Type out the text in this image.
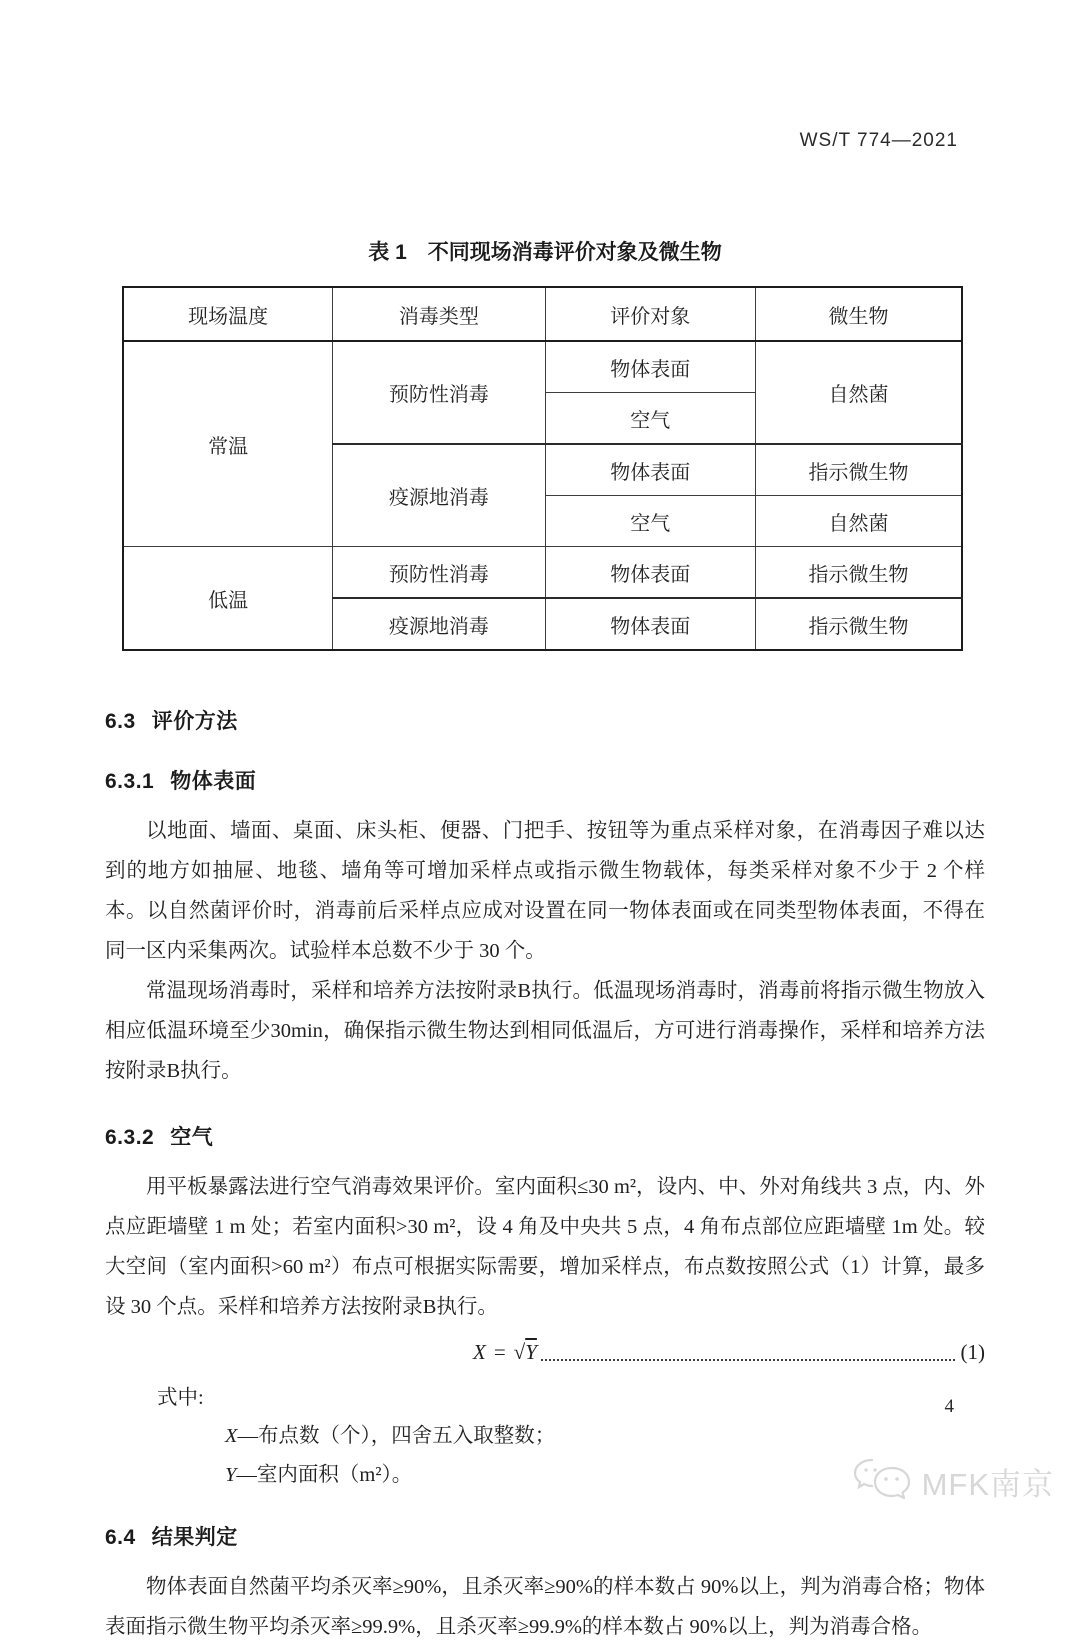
WS/T 774—2021
表 1　不同现场消毒评价对象及微生物
现场温度	消毒类型	评价对象	微生物
常温	预防性消毒	物体表面	自然菌
		空气	
	疫源地消毒	物体表面	指示微生物
		空气	自然菌
低温	预防性消毒	物体表面	指示微生物
	疫源地消毒	物体表面	指示微生物
6.3 评价方法
6.3.1 物体表面

以地面、墙面、桌面、床头柜、便器、门把手、按钮等为重点采样对象，在消毒因子难以达到的地方如抽屉、地毯、墙角等可增加采样点或指示微生物载体，每类采样对象不少于 2 个样本。以自然菌评价时，消毒前后采样点应成对设置在同一物体表面或在同类型物体表面，不得在同一区内采集两次。试验样本总数不少于 30 个。

常温现场消毒时，采样和培养方法按附录B执行。低温现场消毒时，消毒前将指示微生物放入相应低温环境至少30min，确保指示微生物达到相同低温后，方可进行消毒操作，采样和培养方法按附录B执行。

6.3.2 空气

用平板暴露法进行空气消毒效果评价。室内面积≤30 m²，设内、中、外对角线共 3 点，内、外点应距墙壁 1 m 处；若室内面积>30 m²，设 4 角及中央共 5 点，4 角布点部位应距墙壁 1m 处。较大空间（室内面积>60 m²）布点可根据实际需要，增加采样点，布点数按照公式（1）计算，最多设 30 个点。采样和培养方法按附录B执行。

X = √ Y	(1)
式中:
X—布点数（个），四舍五入取整数；
Y—室内面积（m²）。
6.4 结果判定

物体表面自然菌平均杀灭率≥90%，且杀灭率≥90%的样本数占 90%以上，判为消毒合格；物体表面指示微生物平均杀灭率≥99.9%，且杀灭率≥99.9%的样本数占 90%以上，判为消毒合格。

4
MFK南京
